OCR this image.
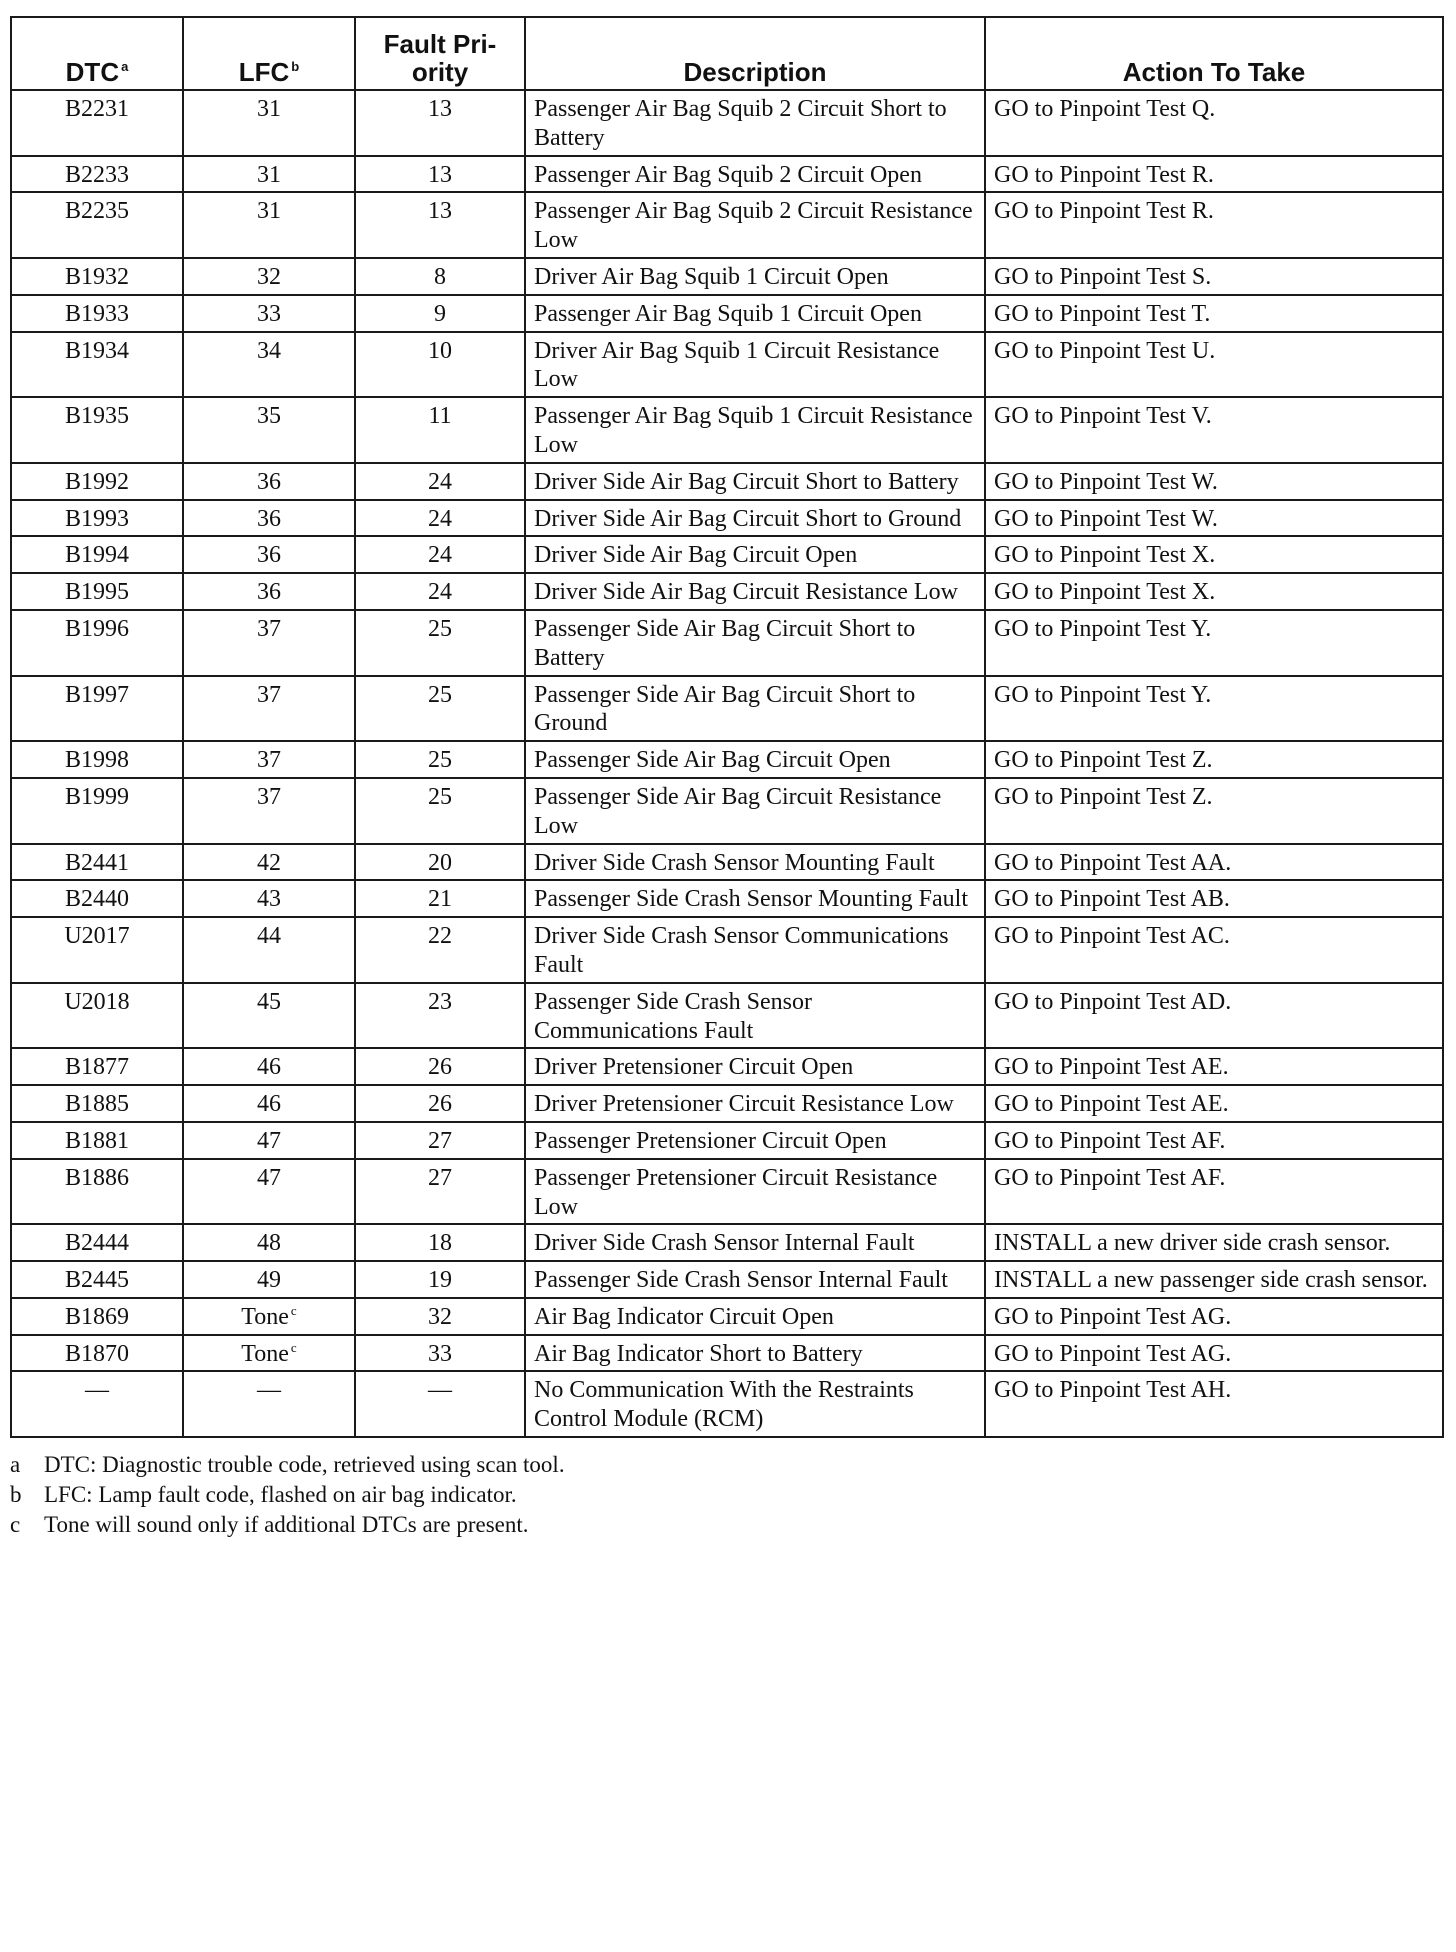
DTC $^a$	LFC $^b$	Fault Pri-
ority	Description	Action To Take
B2231	31	13	Passenger Air Bag Squib 2 Circuit Short to Battery	GO to Pinpoint Test Q.
B2233	31	13	Passenger Air Bag Squib 2 Circuit Open	GO to Pinpoint Test R.
B2235	31	13	Passenger Air Bag Squib 2 Circuit Resistance Low	GO to Pinpoint Test R.
B1932	32	8	Driver Air Bag Squib 1 Circuit Open	GO to Pinpoint Test S.
B1933	33	9	Passenger Air Bag Squib 1 Circuit Open	GO to Pinpoint Test T.
B1934	34	10	Driver Air Bag Squib 1 Circuit Resistance Low	GO to Pinpoint Test U.
B1935	35	11	Passenger Air Bag Squib 1 Circuit Resistance Low	GO to Pinpoint Test V.
B1992	36	24	Driver Side Air Bag Circuit Short to Battery	GO to Pinpoint Test W.
B1993	36	24	Driver Side Air Bag Circuit Short to Ground	GO to Pinpoint Test W.
B1994	36	24	Driver Side Air Bag Circuit Open	GO to Pinpoint Test X.
B1995	36	24	Driver Side Air Bag Circuit Resistance Low	GO to Pinpoint Test X.
B1996	37	25	Passenger Side Air Bag Circuit Short to Battery	GO to Pinpoint Test Y.
B1997	37	25	Passenger Side Air Bag Circuit Short to Ground	GO to Pinpoint Test Y.
B1998	37	25	Passenger Side Air Bag Circuit Open	GO to Pinpoint Test Z.
B1999	37	25	Passenger Side Air Bag Circuit Resistance Low	GO to Pinpoint Test Z.
B2441	42	20	Driver Side Crash Sensor Mounting Fault	GO to Pinpoint Test AA.
B2440	43	21	Passenger Side Crash Sensor Mounting Fault	GO to Pinpoint Test AB.
U2017	44	22	Driver Side Crash Sensor Communications Fault	GO to Pinpoint Test AC.
U2018	45	23	Passenger Side Crash Sensor Communications Fault	GO to Pinpoint Test AD.
B1877	46	26	Driver Pretensioner Circuit Open	GO to Pinpoint Test AE.
B1885	46	26	Driver Pretensioner Circuit Resistance Low	GO to Pinpoint Test AE.
B1881	47	27	Passenger Pretensioner Circuit Open	GO to Pinpoint Test AF.
B1886	47	27	Passenger Pretensioner Circuit Resistance Low	GO to Pinpoint Test AF.
B2444	48	18	Driver Side Crash Sensor Internal Fault	INSTALL a new driver side crash sensor.
B2445	49	19	Passenger Side Crash Sensor Internal Fault	INSTALL a new passenger side crash sensor.
B1869	Tone $^c$	32	Air Bag Indicator Circuit Open	GO to Pinpoint Test AG.
B1870	Tone $^c$	33	Air Bag Indicator Short to Battery	GO to Pinpoint Test AG.
—	—	—	No Communication With the Restraints Control Module (RCM)	GO to Pinpoint Test AH.
a	DTC: Diagnostic trouble code, retrieved using scan tool.
b LFC: Lamp fault code, flashed on air bag indicator.
c	Tone will sound only if additional DTCs are present.
